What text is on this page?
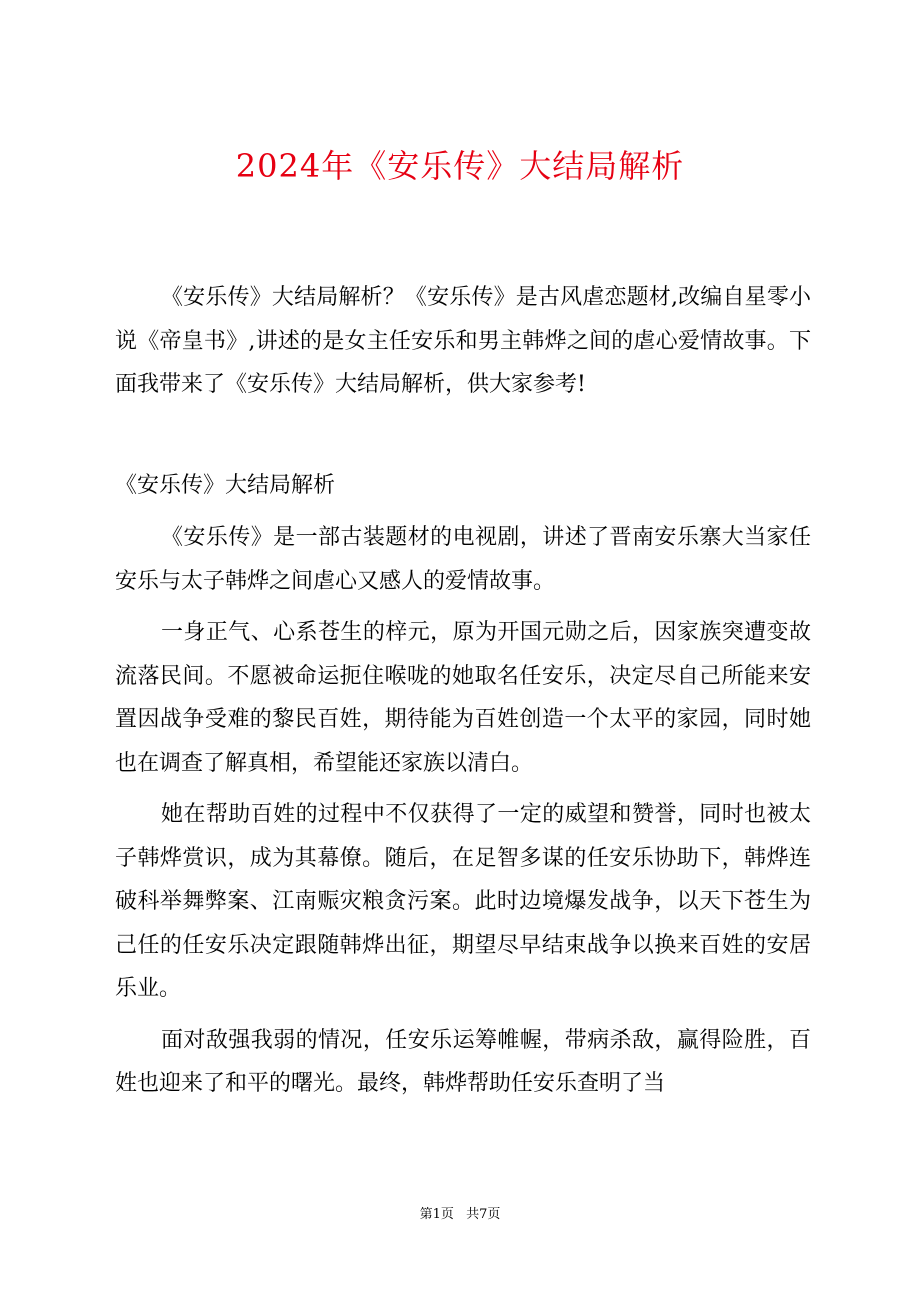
2024年《安乐传》大结局解析

《安乐传》大结局解析？《安乐传》是古风虐恋题材,改编自星零小说《帝皇书》,讲述的是女主任安乐和男主韩烨之间的虐心爱情故事。下面我带来了《安乐传》大结局解析，供大家参考!

《安乐传》大结局解析

《安乐传》是一部古装题材的电视剧，讲述了晋南安乐寨大当家任安乐与太子韩烨之间虐心又感人的爱情故事。

一身正气、心系苍生的梓元，原为开国元勋之后，因家族突遭变故流落民间。不愿被命运扼住喉咙的她取名任安乐，决定尽自己所能来安置因战争受难的黎民百姓，期待能为百姓创造一个太平的家园，同时她也在调查了解真相，希望能还家族以清白。

她在帮助百姓的过程中不仅获得了一定的威望和赞誉，同时也被太子韩烨赏识，成为其幕僚。随后，在足智多谋的任安乐协助下，韩烨连破科举舞弊案、江南赈灾粮贪污案。此时边境爆发战争，以天下苍生为己任的任安乐决定跟随韩烨出征，期望尽早结束战争以换来百姓的安居乐业。

面对敌强我弱的情况，任安乐运筹帷幄，带病杀敌，赢得险胜，百姓也迎来了和平的曙光。最终，韩烨帮助任安乐查明了当

第1页 共7页
